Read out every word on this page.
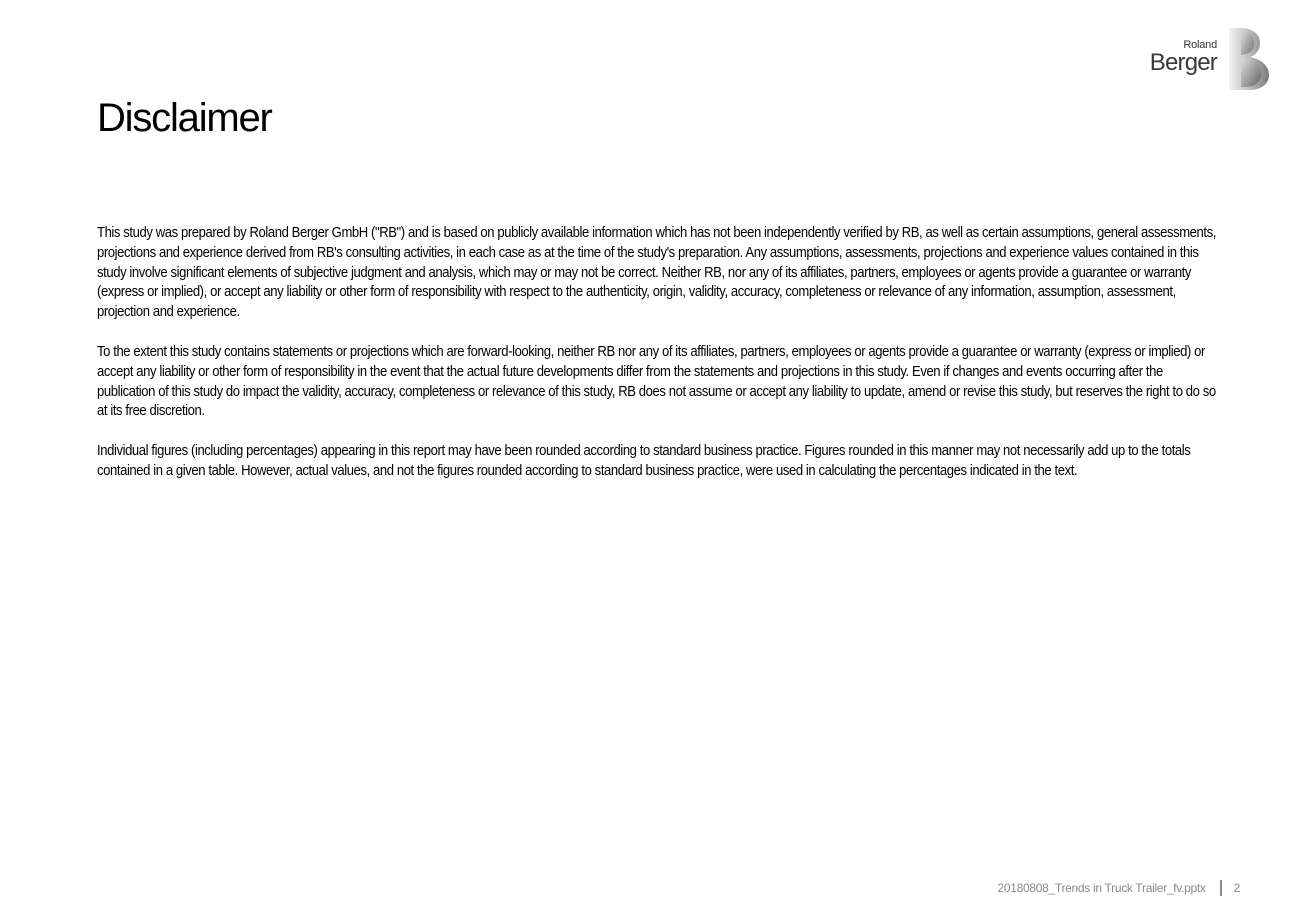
Roland
Berger
Disclaimer

This study was prepared by Roland Berger GmbH ("RB") and is based on publicly available information which has not been independently verified by RB, as well as certain assumptions, general assessments, projections and experience derived from RB's consulting activities, in each case as at the time of the study's preparation. Any assumptions, assessments, projections and experience values contained in this study involve significant elements of subjective judgment and analysis, which may or may not be correct. Neither RB, nor any of its affiliates, partners, employees or agents provide a guarantee or warranty (express or implied), or accept any liability or other form of responsibility with respect to the authenticity, origin, validity, accuracy, completeness or relevance of any information, assumption, assessment, projection and experience.

To the extent this study contains statements or projections which are forward-looking, neither RB nor any of its affiliates, partners, employees or agents provide a guarantee or warranty (express or implied) or accept any liability or other form of responsibility in the event that the actual future developments differ from the statements and projections in this study. Even if changes and events occurring after the publication of this study do impact the validity, accuracy, completeness or relevance of this study, RB does not assume or accept any liability to update, amend or revise this study, but reserves the right to do so at its free discretion.

Individual figures (including percentages) appearing in this report may have been rounded according to standard business practice. Figures rounded in this manner may not necessarily add up to the totals contained in a given table. However, actual values, and not the figures rounded according to standard business practice, were used in calculating the percentages indicated in the text.

20180808_Trends in Truck Trailer_fv.pptx 2
